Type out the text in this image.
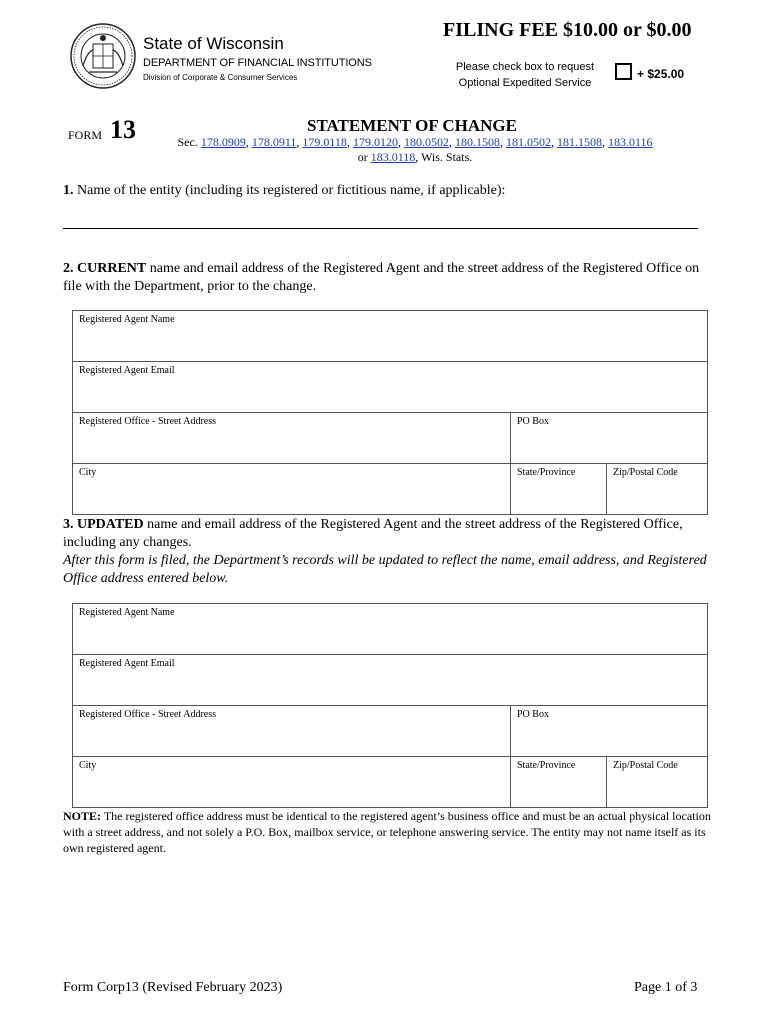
State of Wisconsin
DEPARTMENT OF FINANCIAL INSTITUTIONS
Division of Corporate & Consumer Services
FILING FEE $10.00 or $0.00
Please check box to request
Optional Expedited Service
+ $25.00
FORM 13	STATEMENT OF CHANGE
Sec. 178.0909, 178.0911, 179.0118, 179.0120, 180.0502, 180.1508, 181.0502, 181.1508, 183.0116
or 183.0118, Wis. Stats.
1. Name of the entity (including its registered or fictitious name, if applicable):
2. CURRENT name and email address of the Registered Agent and the street address of the Registered Office on file with the Department, prior to the change.
Registered Agent Name		
Registered Agent Email		
Registered Office - Street Address	PO Box	
City	State/Province	Zip/Postal Code
3. UPDATED name and email address of the Registered Agent and the street address of the Registered Office, including any changes.
After this form is filed, the Department’s records will be updated to reflect the name, email address, and Registered Office address entered below.
Registered Agent Name		
Registered Agent Email		
Registered Office - Street Address	PO Box	
City	State/Province	Zip/Postal Code
NOTE: The registered office address must be identical to the registered agent’s business office and must be an actual physical location with a street address, and not solely a P.O. Box, mailbox service, or telephone answering service. The entity may not name itself as its own registered agent.
Form Corp13 (Revised February 2023)	Page 1 of 3
